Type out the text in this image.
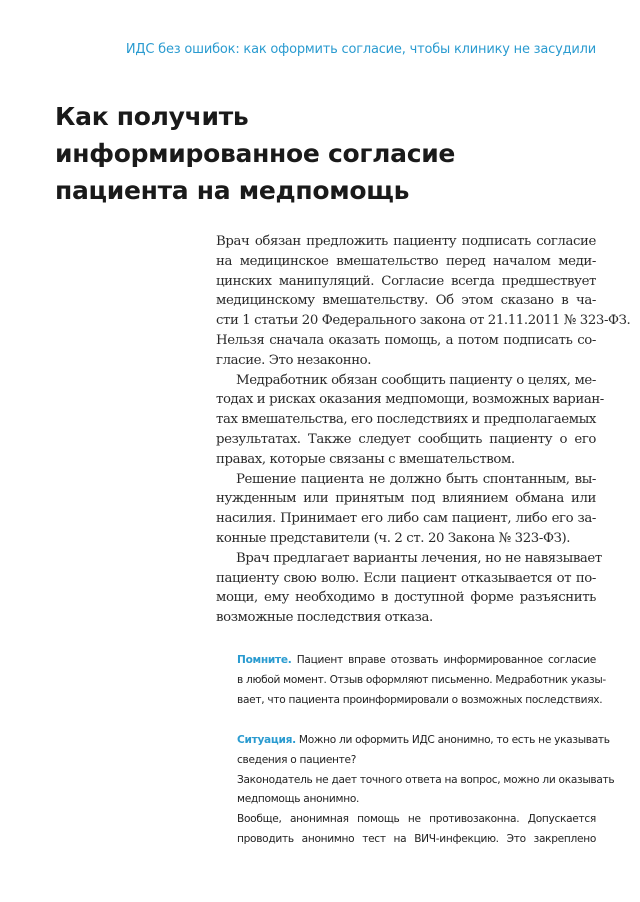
ИДС без ошибок: как оформить согласие, чтобы клинику не засудили
Как получить
информированное согласие
пациента на медпомощь
Врач обязан предложить пациенту подписать согласие
на медицинское вмешательство перед началом меди-
цинских манипуляций. Согласие всегда предшествует
медицинскому вмешательству. Об этом сказано в ча-
сти 1 статьи 20 Федерального закона от 21.11.2011 № 323-ФЗ.
Нельзя сначала оказать помощь, а потом подписать со-
гласие. Это незаконно.
Медработник обязан сообщить пациенту о целях, ме-
тодах и рисках оказания медпомощи, возможных вариан-
тах вмешательства, его последствиях и предполагаемых
результатах. Также следует сообщить пациенту о его
правах, которые связаны с вмешательством.
Решение пациента не должно быть спонтанным, вы-
нужденным или принятым под влиянием обмана или
насилия. Принимает его либо сам пациент, либо его за-
конные представители (ч. 2 ст. 20 Закона № 323-ФЗ).
Врач предлагает варианты лечения, но не навязывает
пациенту свою волю. Если пациент отказывается от по-
мощи, ему необходимо в доступной форме разъяснить
возможные последствия отказа.
Помните. Пациент вправе отозвать информированное согласие
в любой момент. Отзыв оформляют письменно. Медработник указы-
вает, что пациента проинформировали о возможных последствиях.
Ситуация. Можно ли оформить ИДС анонимно, то есть не указывать
сведения о пациенте?
Законодатель не дает точного ответа на вопрос, можно ли оказывать
медпомощь анонимно.
Вообще, анонимная помощь не противозаконна. Допускается
проводить анонимно тест на ВИЧ-инфекцию. Это закреплено
